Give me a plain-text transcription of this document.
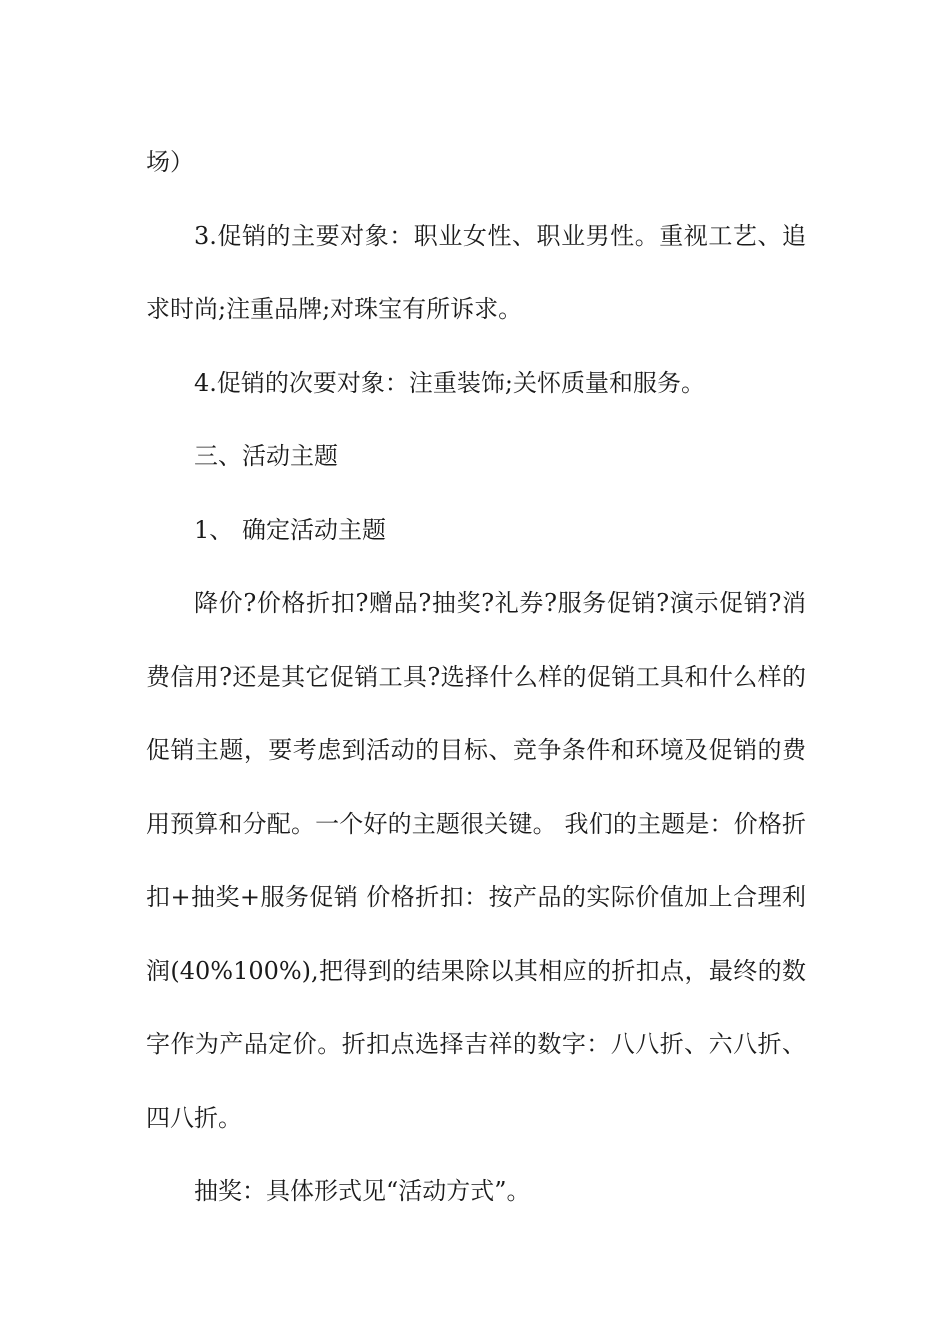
场）

3.促销的主要对象：职业女性、职业男性。重视工艺、追求时尚;注重品牌;对珠宝有所诉求。

4.促销的次要对象：注重装饰;关怀质量和服务。

三、活动主题

1、 确定活动主题

降价?价格折扣?赠品?抽奖?礼券?服务促销?演示促销?消费信用?还是其它促销工具?选择什么样的促销工具和什么样的促销主题，要考虑到活动的目标、竞争条件和环境及促销的费用预算和分配。一个好的主题很关键。 我们的主题是：价格折扣+抽奖+服务促销 价格折扣：按产品的实际价值加上合理利润(40%100%),把得到的结果除以其相应的折扣点，最终的数字作为产品定价。折扣点选择吉祥的数字：八八折、六八折、四八折。

抽奖：具体形式见“活动方式”。
